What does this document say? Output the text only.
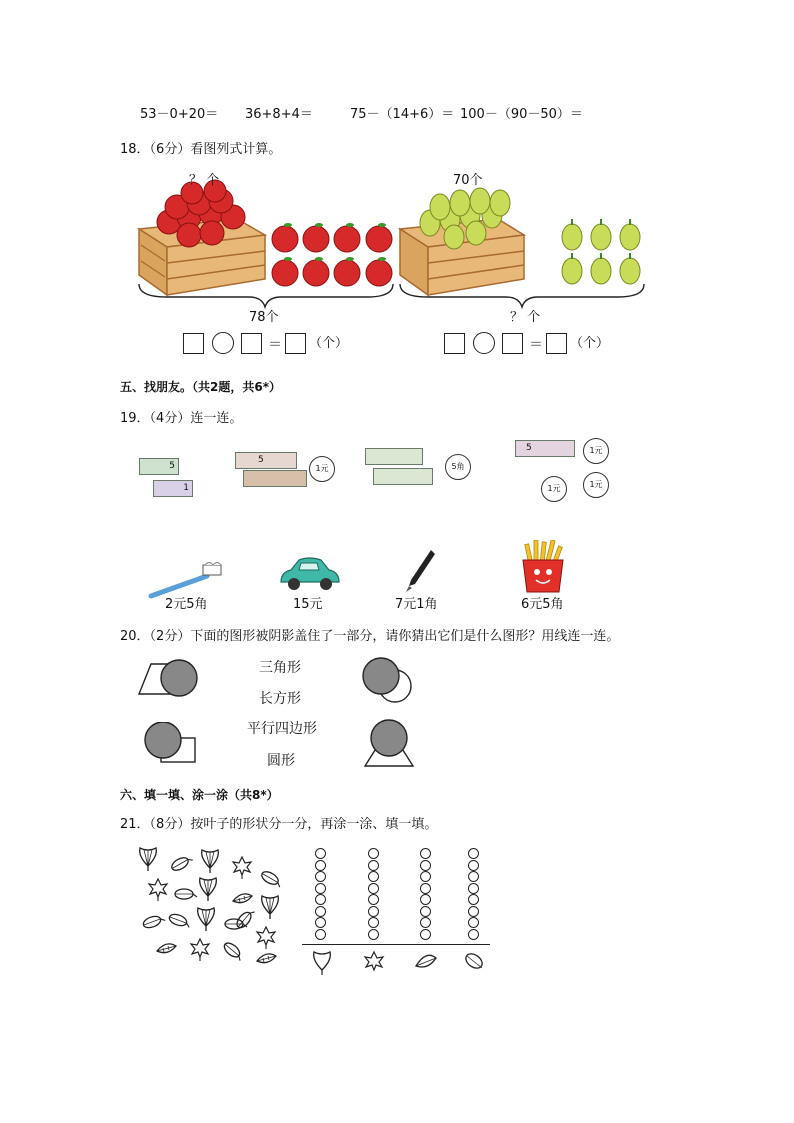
53－0+20＝ 36+8+4＝	75－（14+6）＝ 100－（90－50）＝
18．（6分）看图列式计算。
？ 个
78个
＝ （个）
70个
？ 个
＝ （个）
五、找朋友。（共2题，共6*）
19．（4分）连一连。
5
1
5
1元	5角
5	1元
1元	1元
2元5角	15元	7元1角	6元5角
20．（2分）下面的图形被阴影盖住了一部分，请你猜出它们是什么图形？用线连一连。
三角形
长方形
平行四边形
圆形
六、填一填、涂一涂（共8*）
21．（8分）按叶子的形状分一分，再涂一涂、填一填。
